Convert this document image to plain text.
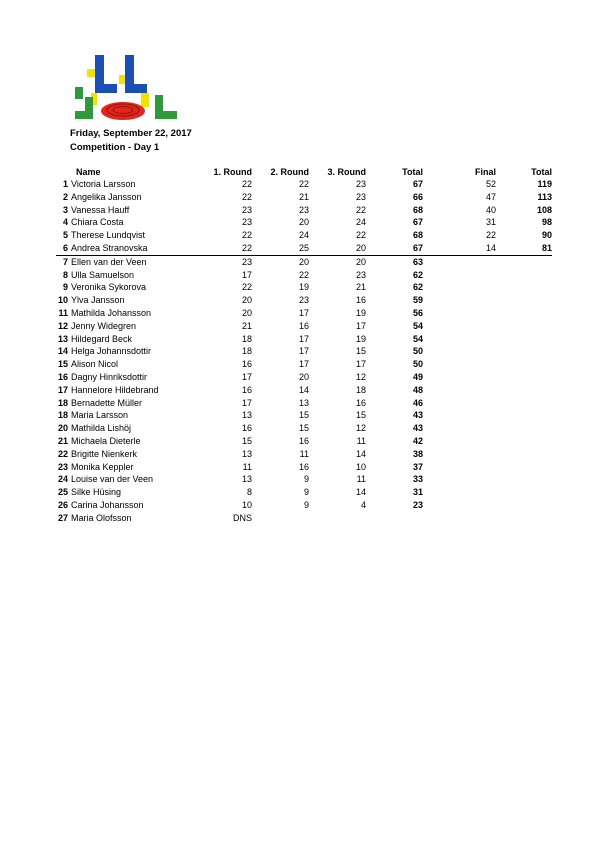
Friday, September 22, 2017
Competition - Day 1
	Name	1. Round	2. Round	3. Round	Total	Final	Total
1	Victoria Larsson	22	22	23	67	52	119
2	Angelika Jansson	22	21	23	66	47	113
3	Vanessa Hauff	23	23	22	68	40	108
4	Chiara Costa	23	20	24	67	31	98
5	Therese Lundqvist	22	24	22	68	22	90
6	Andrea Stranovska	22	25	20	67	14	81
7	Ellen van der Veen	23	20	20	63		
8	Ulla Samuelson	17	22	23	62		
9	Veronika Sykorova	22	19	21	62		
10	Ylva Jansson	20	23	16	59		
11	Mathilda Johansson	20	17	19	56		
12	Jenny Widegren	21	16	17	54		
13	Hildegard Beck	18	17	19	54		
14	Helga Johannsdottir	18	17	15	50		
15	Alison Nicol	16	17	17	50		
16	Dagny Hinriksdottir	17	20	12	49		
17	Hannelore Hildebrand	16	14	18	48		
18	Bernadette Müller	17	13	16	46		
18	Maria Larsson	13	15	15	43		
20	Mathilda Lishöj	16	15	12	43		
21	Michaela Dieterle	15	16	11	42		
22	Brigitte Nienkerk	13	11	14	38		
23	Monika Keppler	11	16	10	37		
24	Louise van der Veen	13	9	11	33		
25	Silke Hüsing	8	9	14	31		
26	Carina Johansson	10	9	4	23		
27	Maria Olofsson	DNS					
